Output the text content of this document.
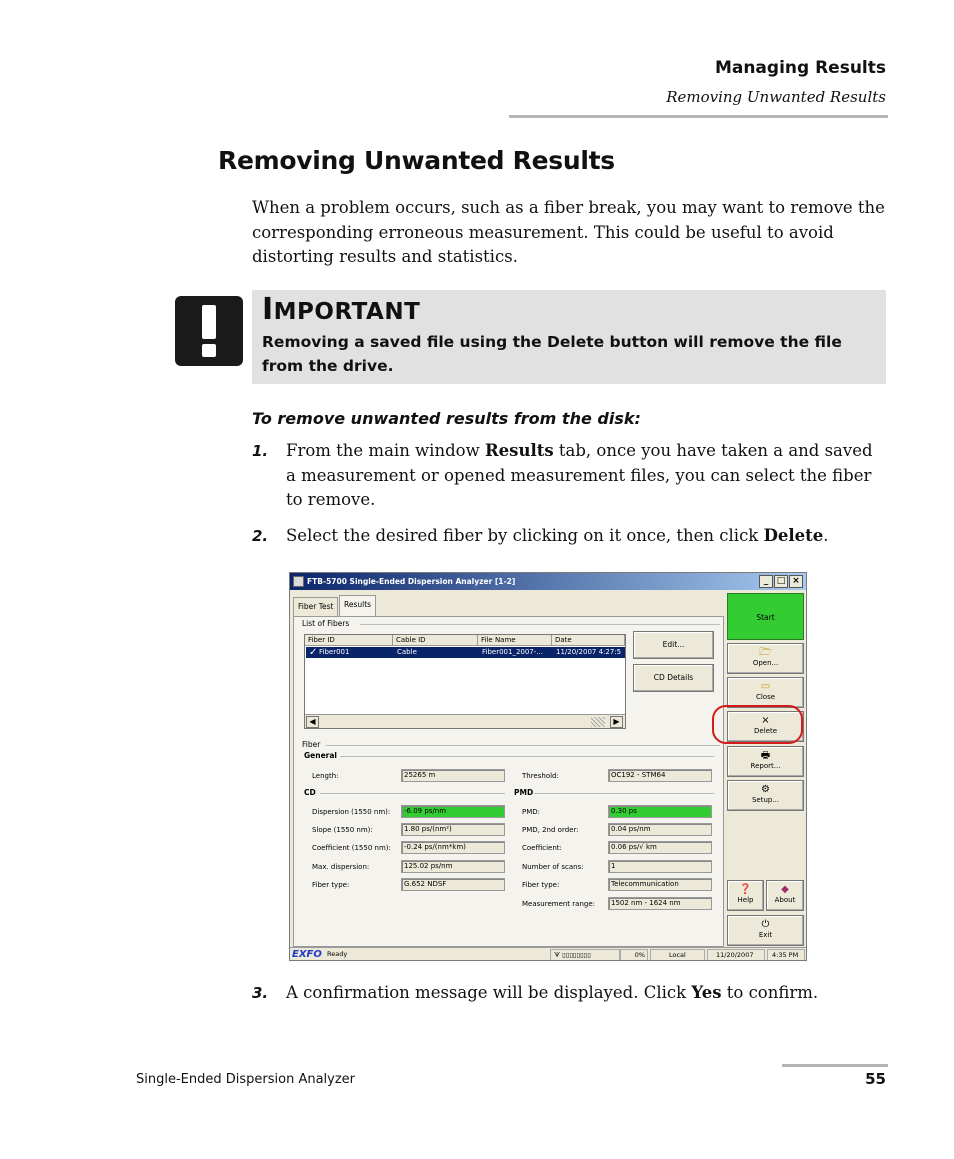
Managing Results
Removing Unwanted Results
Removing Unwanted Results

When a problem occurs, such as a fiber break, you may want to remove the corresponding erroneous measurement. This could be useful to avoid distorting results and statistics.

IMPORTANT
Removing a saved file using the Delete button will remove the file from the drive.
To remove unwanted results from the disk:
1. From the main window Results tab, once you have taken a and saved a measurement or opened measurement files, you can select the fiber to remove.
2. Select the desired fiber by clicking on it once, then click Delete.
FTB-5700 Single-Ended Dispersion Analyzer [1-2]	_ □ ×
Fiber Test	Results
List of Fibers
Fiber ID	Cable ID	File Name	Date
✓ Fiber001	Cable	Fiber001_2007-... 11/20/2007 4:27:5
◀	▶
Edit...
CD Details
Start
🗁
Open...
▭
Close
×
Delete
🖶
Report...
⚙
Setup...
❓
Help
◆
About
⏻
Exit
Fiber
General
Length:	25265 m	Threshold:	OC192 - STM64
CD	PMD
Dispersion (1550 nm):	-6.09 ps/nm	PMD:	0.30 ps
Slope (1550 nm):	1.80 ps/(nm²)	PMD, 2nd order:	0.04 ps/nm
Coefficient (1550 nm):	-0.24 ps/(nm*km)	Coefficient:	0.06 ps/√ km
Max. dispersion:	125.02 ps/nm	Number of scans:	1
Fiber type:	G.652 NDSF	Fiber type:	Telecommunication
Measurement range:	1502 nm - 1624 nm
EXFO Ready	ᗐ ▯▯▯▯▯▯▯▯	0%	Local	11/20/2007	4:35 PM
3. A confirmation message will be displayed. Click Yes to confirm.
Single-Ended Dispersion Analyzer	55
